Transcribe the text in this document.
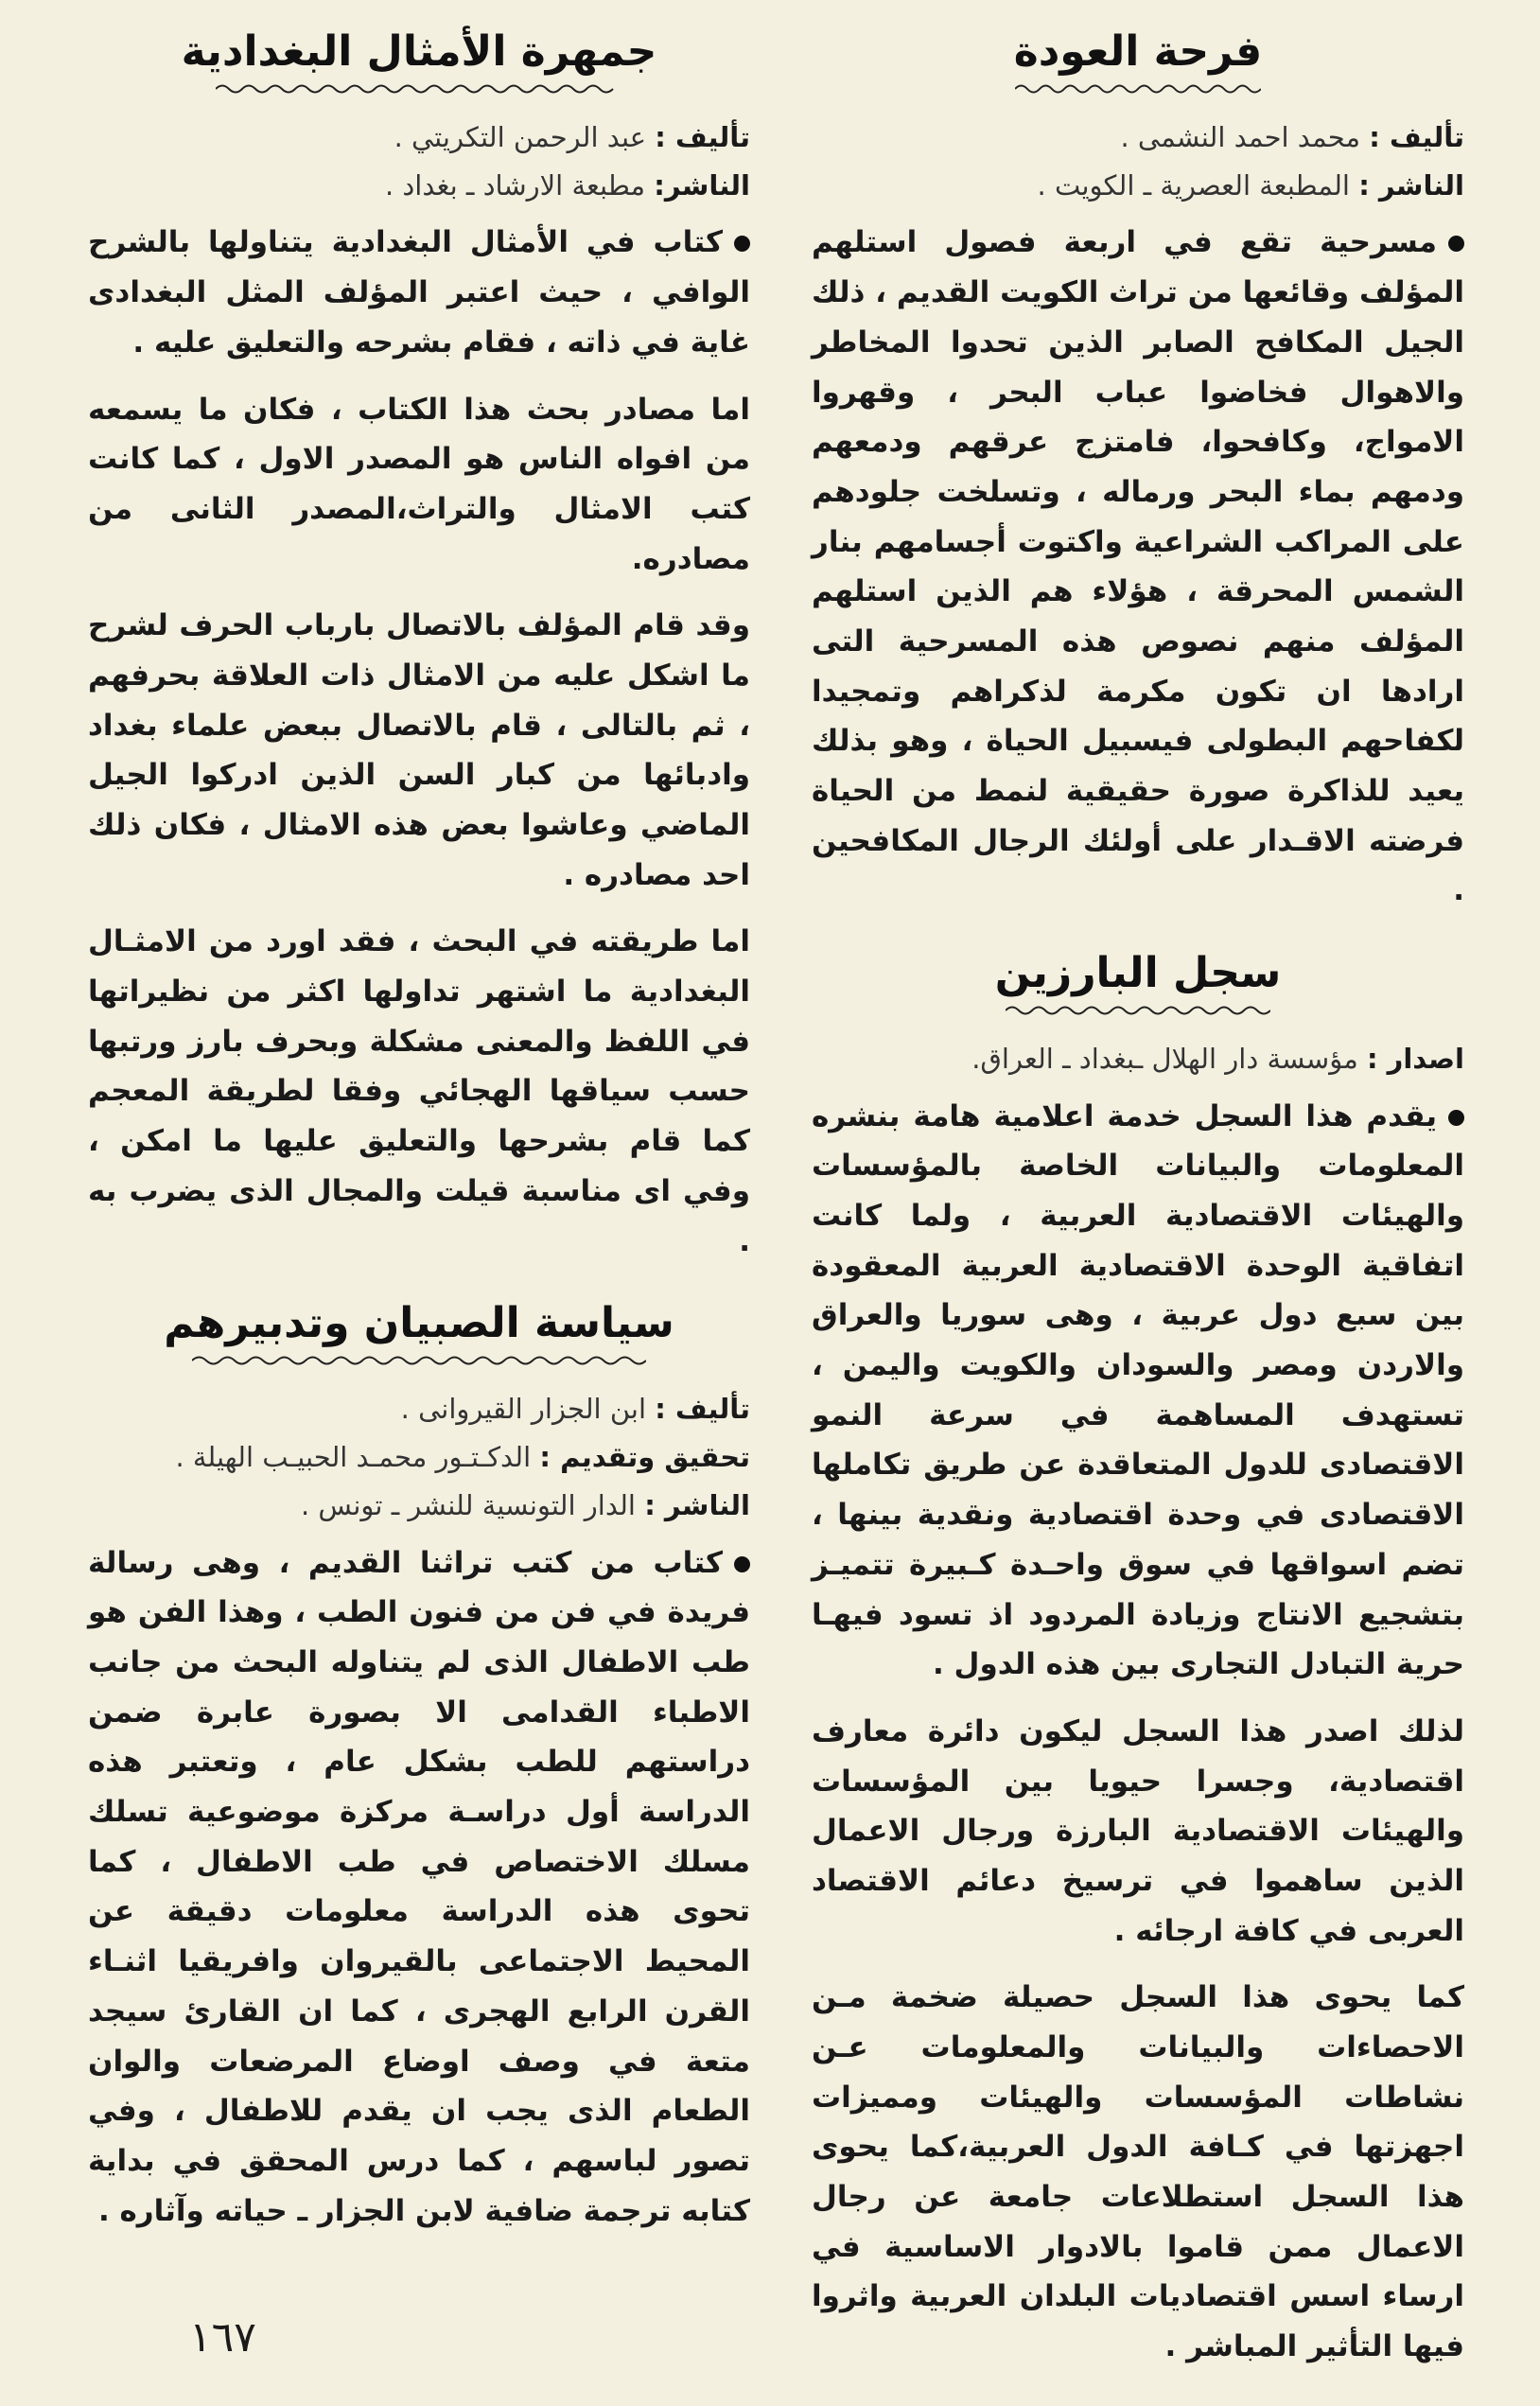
فرحة العودة

تأليف : محمد احمد النشمى .

الناشر : المطبعة العصرية ـ الكويت .

مسرحية تقع في اربعة فصول استلهم المؤلف وقائعها من تراث الكويت القديم ، ذلك الجيل المكافح الصابر الذين تحدوا المخاطر والاهوال فخاضوا عباب البحر ، وقهروا الامواج، وكافحوا، فامتزج عرقهم ودمعهم ودمهم بماء البحر ورماله ، وتسلخت جلودهم على المراكب الشراعية واكتوت أجسامهم بنار الشمس المحرقة ، هؤلاء هم الذين استلهم المؤلف منهم نصوص هذه المسرحية التى ارادها ان تكون مكرمة لذكراهم وتمجيدا لكفاحهم البطولى فيسبيل الحياة ، وهو بذلك يعيد للذاكرة صورة حقيقية لنمط من الحياة فرضته الاقـدار على أولئك الرجال المكافحين .

سجل البارزين

اصدار : مؤسسة دار الهلال ـبغداد ـ العراق.

يقدم هذا السجل خدمة اعلامية هامة بنشره المعلومات والبيانات الخاصة بالمؤسسات والهيئات الاقتصادية العربية ، ولما كانت اتفاقية الوحدة الاقتصادية العربية المعقودة بين سبع دول عربية ، وهى سوريا والعراق والاردن ومصر والسودان والكويت واليمن ، تستهدف المساهمة في سرعة النمو الاقتصادى للدول المتعاقدة عن طريق تكاملها الاقتصادى في وحدة اقتصادية ونقدية بينها ، تضم اسواقها في سوق واحـدة كـبيرة تتميـز بتشجيع الانتاج وزيادة المردود اذ تسود فيهـا حرية التبادل التجارى بين هذه الدول .

لذلك اصدر هذا السجل ليكون دائرة معارف اقتصادية، وجسرا حيويا بين المؤسسات والهيئات الاقتصادية البارزة ورجال الاعمال الذين ساهموا في ترسيخ دعائم الاقتصاد العربى في كافة ارجائه .

كما يحوى هذا السجل حصيلة ضخمة مـن الاحصاءات والبيانات والمعلومات عـن نشاطات المؤسسات والهيئات ومميزات اجهزتها في كـافة الدول العربية،كما يحوى هذا السجل استطلاعات جامعة عن رجال الاعمال ممن قاموا بالادوار الاساسية في ارساء اسس اقتصاديات البلدان العربية واثروا فيها التأثير المباشر .

جمهرة الأمثال البغدادية

تأليف : عبد الرحمن التكريتي .

الناشر: مطبعة الارشاد ـ بغداد .

كتاب في الأمثال البغدادية يتناولها بالشرح الوافي ، حيث اعتبر المؤلف المثل البغدادى غاية في ذاته ، فقام بشرحه والتعليق عليه .

اما مصادر بحث هذا الكتاب ، فكان ما يسمعه من افواه الناس هو المصدر الاول ، كما كانت كتب الامثال والتراث،المصدر الثانى من مصادره.

وقد قام المؤلف بالاتصال بارباب الحرف لشرح ما اشكل عليه من الامثال ذات العلاقة بحرفهم ، ثم بالتالى ، قام بالاتصال ببعض علماء بغداد وادبائها من كبار السن الذين ادركوا الجيل الماضي وعاشوا بعض هذه الامثال ، فكان ذلك احد مصادره .

اما طريقته في البحث ، فقد اورد من الامثـال البغدادية ما اشتهر تداولها اكثر من نظيراتها في اللفظ والمعنى مشكلة وبحرف بارز ورتبها حسب سياقها الهجائي وفقا لطريقة المعجم كما قام بشرحها والتعليق عليها ما امكن ، وفي اى مناسبة قيلت والمجال الذى يضرب به .

سياسة الصبيان وتدبيرهم

تأليف : ابن الجزار القيروانى .

تحقيق وتقديم : الدكـتـور محمـد الحبيـب الهيلة .

الناشر : الدار التونسية للنشر ـ تونس .

كتاب من كتب تراثنا القديم ، وهى رسالة فريدة في فن من فنون الطب ، وهذا الفن هو طب الاطفال الذى لم يتناوله البحث من جانب الاطباء القدامى الا بصورة عابرة ضمن دراستهم للطب بشكل عام ، وتعتبر هذه الدراسة أول دراسـة مركزة موضوعية تسلك مسلك الاختصاص في طب الاطفال ، كما تحوى هذه الدراسة معلومات دقيقة عن المحيط الاجتماعى بالقيروان وافريقيا اثنـاء القرن الرابع الهجرى ، كما ان القارئ سيجد متعة في وصف اوضاع المرضعات والوان الطعام الذى يجب ان يقدم للاطفال ، وفي تصور لباسهم ، كما درس المحقق في بداية كتابه ترجمة ضافية لابن الجزار ـ حياته وآثاره .

١٦٧
